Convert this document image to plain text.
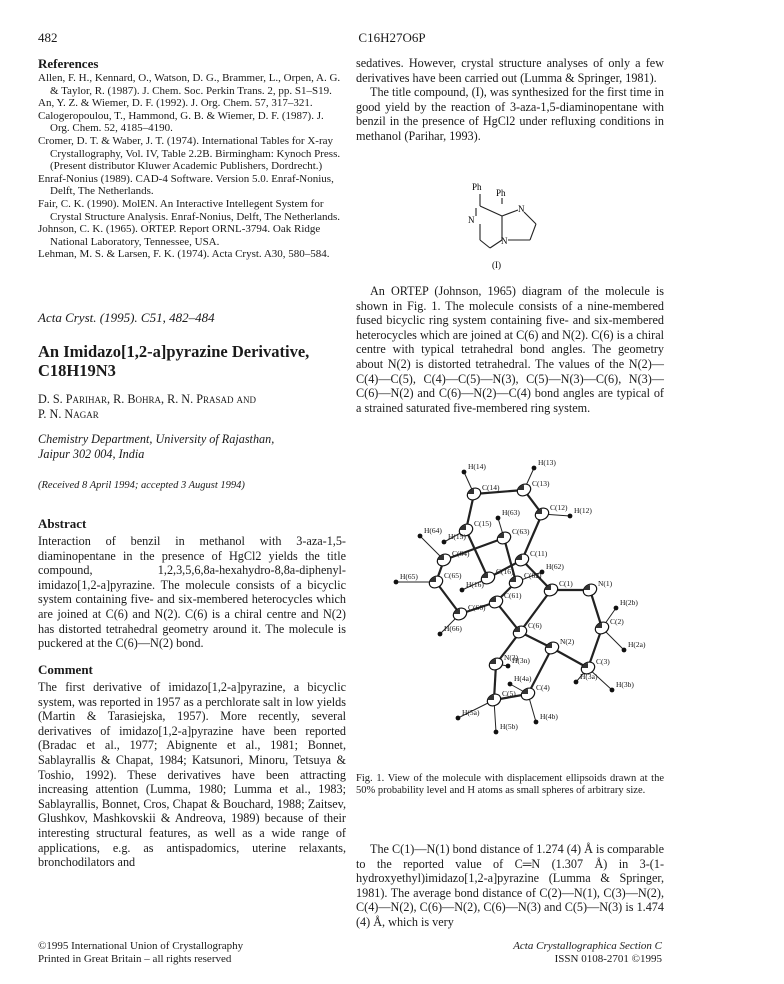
482	C16H27O6P
References

Allen, F. H., Kennard, O., Watson, D. G., Brammer, L., Orpen, A. G. & Taylor, R. (1987). J. Chem. Soc. Perkin Trans. 2, pp. S1–S19.

An, Y. Z. & Wiemer, D. F. (1992). J. Org. Chem. 57, 317–321.

Calogeropoulou, T., Hammond, G. B. & Wiemer, D. F. (1987). J. Org. Chem. 52, 4185–4190.

Cromer, D. T. & Waber, J. T. (1974). International Tables for X-ray Crystallography, Vol. IV, Table 2.2B. Birmingham: Kynoch Press. (Present distributor Kluwer Academic Publishers, Dordrecht.)

Enraf-Nonius (1989). CAD-4 Software. Version 5.0. Enraf-Nonius, Delft, The Netherlands.

Fair, C. K. (1990). MolEN. An Interactive Intellegent System for Crystal Structure Analysis. Enraf-Nonius, Delft, The Netherlands.

Johnson, C. K. (1965). ORTEP. Report ORNL-3794. Oak Ridge National Laboratory, Tennessee, USA.

Lehman, M. S. & Larsen, F. K. (1974). Acta Cryst. A30, 580–584.

Acta Cryst. (1995). C51, 482–484
An Imidazo[1,2-a]pyrazine Derivative,
C18H19N3
D. S. Parihar, R. Bohra, R. N. Prasad and
P. N. Nagar
Chemistry Department, University of Rajasthan,
Jaipur 302 004, India
(Received 8 April 1994; accepted 3 August 1994)
Abstract

Interaction of benzil in methanol with 3-aza-1,5-diaminopentane in the presence of HgCl2 yields the title compound, 1,2,3,5,6,8a-hexahydro-8,8a-diphenyl-imidazo[1,2-a]pyrazine. The molecule consists of a bicyclic system containing five- and six-membered heterocycles which are joined at C(6) and N(2). C(6) is a chiral centre and N(2) has distorted tetrahedral geometry around it. The molecule is puckered at the C(6)—N(2) bond.

Comment

The first derivative of imidazo[1,2-a]pyrazine, a bicyclic system, was reported in 1957 as a perchlorate salt in low yields (Martin & Tarasiejska, 1957). More recently, several derivatives of imidazo[1,2-a]pyrazine have been reported (Bradac et al., 1977; Abignente et al., 1981; Bonnet, Sablayrallis & Chapat, 1984; Katsunori, Minoru, Tetsuya & Toshio, 1992). These derivatives have been attracting increasing attention (Lumma, 1980; Lumma et al., 1983; Sablayrallis, Bonnet, Cros, Chapat & Bouchard, 1988; Zaitsev, Glushkov, Mashkovskii & Andreova, 1989) because of their interesting structural features, as well as a wide range of applications, e.g. as antispadomics, uterine relaxants, bronchodilators and

sedatives. However, crystal structure analyses of only a few derivatives have been carried out (Lumma & Springer, 1981).

The title compound, (I), was synthesized for the first time in good yield by the reaction of 3-aza-1,5-diaminopentane with benzil in the presence of HgCl2 under refluxing conditions in methanol (Parihar, 1993).

Ph
Ph
N
N
N
(I)

An ORTEP (Johnson, 1965) diagram of the molecule is shown in Fig. 1. The molecule consists of a nine-membered fused bicyclic ring system containing five- and six-membered heterocycles which are joined at C(6) and N(2). C(6) is a chiral centre with typical tetrahedral bond angles. The geometry about N(2) is distorted tetrahedral. The values of the N(2)—C(4)—C(5), C(4)—C(5)—N(3), C(5)—N(3)—C(6), N(3)—C(6)—N(2) and C(6)—N(2)—C(4) bond angles are typical of a strained saturated five-membered ring system.

H(14)	H(13)
C(14)	C(13)
C(12) H(12)
C(15)
H(63)
H(64)
H(15)
C(63)
C(64)	C(11)
H(62)
H(65)	C(65)
H(16)
C(16) C(62)
C(1)	N(1)
C(61)
H(2b)
C(66)
C(2)
H(66)	C(6)
H(2a)
N(2)
N(3)
H(3n)	C(3)
H(4a)
C(5)
C(4)
H(3a)
H(3b)
H(5a)	H(4b)
H(5b)
Fig. 1. View of the molecule with displacement ellipsoids drawn at the 50% probability level and H atoms as small spheres of arbitrary size.

The C(1)—N(1) bond distance of 1.274 (4) Å is comparable to the reported value of C═N (1.307 Å) in 3-(1-hydroxyethyl)imidazo[1,2-a]pyrazine (Lumma & Springer, 1981). The average bond distance of C(2)—N(1), C(3)—N(2), C(4)—N(2), C(6)—N(2), C(6)—N(3) and C(5)—N(3) is 1.474 (4) Å, which is very

©1995 International Union of Crystallography
Printed in Great Britain – all rights reserved
Acta Crystallographica Section C
ISSN 0108-2701 ©1995
